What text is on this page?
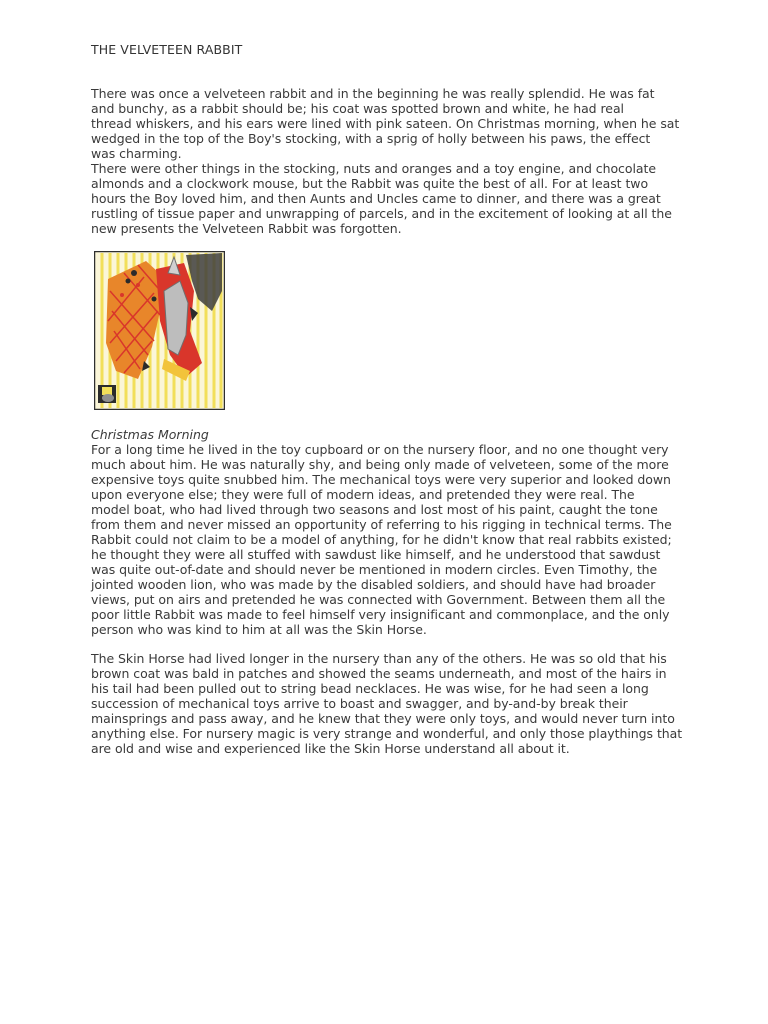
THE VELVETEEN RABBIT
There was once a velveteen rabbit and in the beginning he was really splendid. He was fat
and bunchy, as a rabbit should be; his coat was spotted brown and white, he had real
thread whiskers, and his ears were lined with pink sateen. On Christmas morning, when he sat
wedged in the top of the Boy's stocking, with a sprig of holly between his paws, the effect
was charming.
There were other things in the stocking, nuts and oranges and a toy engine, and chocolate
almonds and a clockwork mouse, but the Rabbit was quite the best of all. For at least two
hours the Boy loved him, and then Aunts and Uncles came to dinner, and there was a great
rustling of tissue paper and unwrapping of parcels, and in the excitement of looking at all the
new presents the Velveteen Rabbit was forgotten.
Christmas Morning
For a long time he lived in the toy cupboard or on the nursery floor, and no one thought very
much about him. He was naturally shy, and being only made of velveteen, some of the more
expensive toys quite snubbed him. The mechanical toys were very superior and looked down
upon everyone else; they were full of modern ideas, and pretended they were real. The
model boat, who had lived through two seasons and lost most of his paint, caught the tone
from them and never missed an opportunity of referring to his rigging in technical terms. The
Rabbit could not claim to be a model of anything, for he didn't know that real rabbits existed;
he thought they were all stuffed with sawdust like himself, and he understood that sawdust
was quite out-of-date and should never be mentioned in modern circles. Even Timothy, the
jointed wooden lion, who was made by the disabled soldiers, and should have had broader
views, put on airs and pretended he was connected with Government. Between them all the
poor little Rabbit was made to feel himself very insignificant and commonplace, and the only
person who was kind to him at all was the Skin Horse.
The Skin Horse had lived longer in the nursery than any of the others. He was so old that his
brown coat was bald in patches and showed the seams underneath, and most of the hairs in
his tail had been pulled out to string bead necklaces. He was wise, for he had seen a long
succession of mechanical toys arrive to boast and swagger, and by-and-by break their
mainsprings and pass away, and he knew that they were only toys, and would never turn into
anything else. For nursery magic is very strange and wonderful, and only those playthings that
are old and wise and experienced like the Skin Horse understand all about it.
